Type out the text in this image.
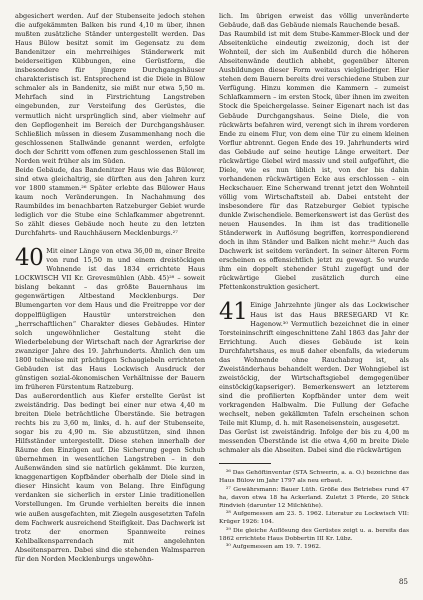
abgesichert werden. Auf der Stubenseite jedoch stehen die aufgekämmten Balken bis rund 4,10 m über, ihnen mußten zusätzliche Ständer untergestellt werden. Das Haus Bülow besitzt somit im Gegensatz zu dem Bandenitzer ein mehrreihiges Ständerwerk mit beiderseitigen Kübbungen, eine Gerüstform, die insbesondere für jüngere Durchgangshäuser charakteristisch ist. Entsprechend ist die Diele in Bülow schmaler als in Bandenitz, sie mißt nur etwa 5,50 m. Mehrfach sind in Firstrichtung Langstreben eingebunden, zur Versteifung des Gerüstes, die vermutlich nicht ursprünglich sind, aber vielmehr auf den Gepflogenheit im Bereich der Durchgangshäuser. Schließlich müssen in diesem Zusammenhang noch die geschlossenen Stallwände genannt werden, erfolgte doch der Schritt vom offenen zum geschlossenen Stall im Norden weit früher als im Süden.

Beide Gebäude, das Bandenitzer Haus wie das Bülower, sind etwa gleichaltrig, sie dürften aus den Jahren kurz vor 1800 stammen.²⁶ Später erlebte das Bülower Haus kaum noch Veränderungen. In Nachahmung des Raumbildes im benachbarten Ratzeburger Gebiet wurde lediglich vor die Stube eine Schlafkammer abgetrennt. So zählt dieses Gebäude noch heute zu den letzten Durchfahrts- und Rauchhäusern Mecklenburgs.²⁷

40 Mit einer Länge von etwa 36,00 m, einer Breite von rund 15,50 m und einem dreistöckigen Wohnende ist das 1834 errichtete Haus LOCKWISCH VII Kr. Grevesmühlen (Abb. 45)²⁸ – soweit bislang bekannt – das größte Bauernhaus im gegenwärtigen Altbestand Mecklenburgs. Der Blumengarten vor dem Haus und die Freitreppe vor der doppelflügligen Haustür unterstreichen den „herrschaftlichen“ Charakter dieses Gebäudes. Hinter solch ungewöhnlicher Gestaltung steht die Wiederbelebung der Wirtschaft nach der Agrarkrise der zwanziger Jahre des 19. Jahrhunderts. Ähnlich den um 1800 teilweise mit prächtigen Schaugiebeln errichteten Gebäuden ist das Haus Lockwisch Ausdruck der günstigen sozial-ökonomischen Verhältnisse der Bauern im früheren Fürstentum Ratzeburg.

Das außerordentlich aus Kiefer erstellte Gerüst ist zweiständrig. Das bedingt bei einer nur etwa 4,40 m breiten Diele beträchtliche Überstände. Sie betragen rechts bis zu 3,60 m, links, d. h. auf der Stubenseite, sogar bis zu 4,90 m. Sie abzustützen, sind ihnen Hilfsständer untergestellt. Diese stehen innerhalb der Räume den Einzügen auf. Die Sicherung gegen Schub übernehmen in wesentlichen Langstreben – in den Außenwänden sind sie natürlich gekämmt. Die kurzen, knaggenartigen Kopfbänder oberhalb der Diele sind in dieser Hinsicht kaum von Belang. Ihre Einfügung verdanken sie sicherlich in erster Linie traditionellen Vorstellungen. Im Grunde verhielten bereits die innen wie außen ausgefachten, mit Ziegeln ausgesetzten Tafeln dem Fachwerk ausreichend Steifigkeit. Das Dachwerk ist trotz der enormen Spannweite reines Kehlbalkensparrendach mit angelehnten Abseitensparren. Dabei sind die stehenden Walmsparren für den Norden Mecklenburgs ungewöhn-

lich. Im übrigen erweist das völlig unveränderte Gebäude, daß das Gebäude niemals Rauchende besaß.

Das Raumbild ist mit dem Stube-Kammer-Block und der Abseitenküche eindeutig zweizonig, doch ist der Wohnteil, der sich im Außenbild durch die höheren Abseitenwände deutlich abhebt, gegenüber älteren Ausbildungen dieser Form weitaus vielgliedriger. Hier stehen dem Bauern bereits drei verschiedene Stuben zur Verfügung. Hinzu kommen die Kammern – zumeist Schlafkammern – im ersten Stock, über ihnen im zweiten Stock die Speichergelasse. Seiner Eigenart nach ist das Gebäude Durchgangshaus. Seine Diele, die von rückwärts befahren wird, verengt sich in ihrem vorderen Ende zu einem Flur, von dem eine Tür zu einem kleinen Vorflur abtrennt. Gegen Ende des 19. Jahrhunderts wird das Gebäude auf seine heutige Länge erweitert. Der rückwärtige Giebel wird massiv und steil aufgeführt, die Diele, wie es nun üblich ist, von der bis dahin vorhandenen rückwärtigen Ecke aus erschlossen – ein Heckschauer. Eine Scherwand trennt jetzt den Wohnteil völlig vom Wirtschaftsteil ab. Dabei entsteht der insbesondere für das Ratzeburger Gebiet typische dunkle Zwischendiele. Bemerkenswert ist das Gerüst des neuen Hausendes. In ihm ist das traditionelle Ständerwerk in Auflösung begriffen, korrespondierend doch in ihm Ständer und Balken nicht mehr.²⁹ Auch das Dachwerk ist seitdem verändert. In seiner älteren Form erscheinen es offensichtlich jetzt zu gewagt. So wurde ihm ein doppelt stehender Stuhl zugefügt und der rückwärtige Giebel zusätzlich durch eine Pfettenkonstruktion gesichert.

41 Einige Jahrzehnte jünger als das Lockwischer Haus ist das Haus BRESEGARD VI Kr. Hagenow.³⁰ Vermutlich bezeichnet die in einer Torsteininschrift eingeschnittene Zahl 1863 das Jahr der Errichtung. Auch dieses Gebäude ist kein Durchfahrtshaus, es muß daher ebenfalls, da wiederum das Wohnende ohne Rauchabzug ist, als Zweiständerhaus behandelt werden. Der Wohngiebel ist zweistöckig, der Wirtschaftsgiebel demgegenüber einstöckig(kapseriger). Bemerkenswert an letzterem sind die profilierten Kopfbänder unter dem weit vorkragenden Halbwalm. Die Fullung der Gefache wechselt, neben gekälkmten Tafeln erscheinen schon Teile mit Klump, d. h. mit Raseneisenstein, ausgesetzt.

Das Gerüst ist zweiständrig. Infolge der bis zu 4,00 m messenden Überstände ist die etwa 4,60 m breite Diele schmaler als die Abseiten. Dabei sind die rückwärtigen

²⁶ Das Gehöftinventar (STA Schwerin, a. a. O.) bezeichne das Haus Bülow im Jahr 1797 als neu erbaut.

²⁷ Gewährsmann: Bauer Lüth. Größe des Betriebes rund 47 ha, davon etwa 18 ha Ackerland. Zuletzt 3 Pferde, 20 Stück Rindvieh (darunter 12 Milchkühe).

²⁸ Aufgemessen am 23. 5. 1962. Literatur zu Lockwisch VII: Krüger 1926: 104.

²⁹ Die gleiche Auflösung des Gerüstes zeigt u. a. bereits das 1862 errichtete Haus Dobbertin III Kr. Lübz.

³⁰ Aufgemessen am 19. 7. 1962.

85
